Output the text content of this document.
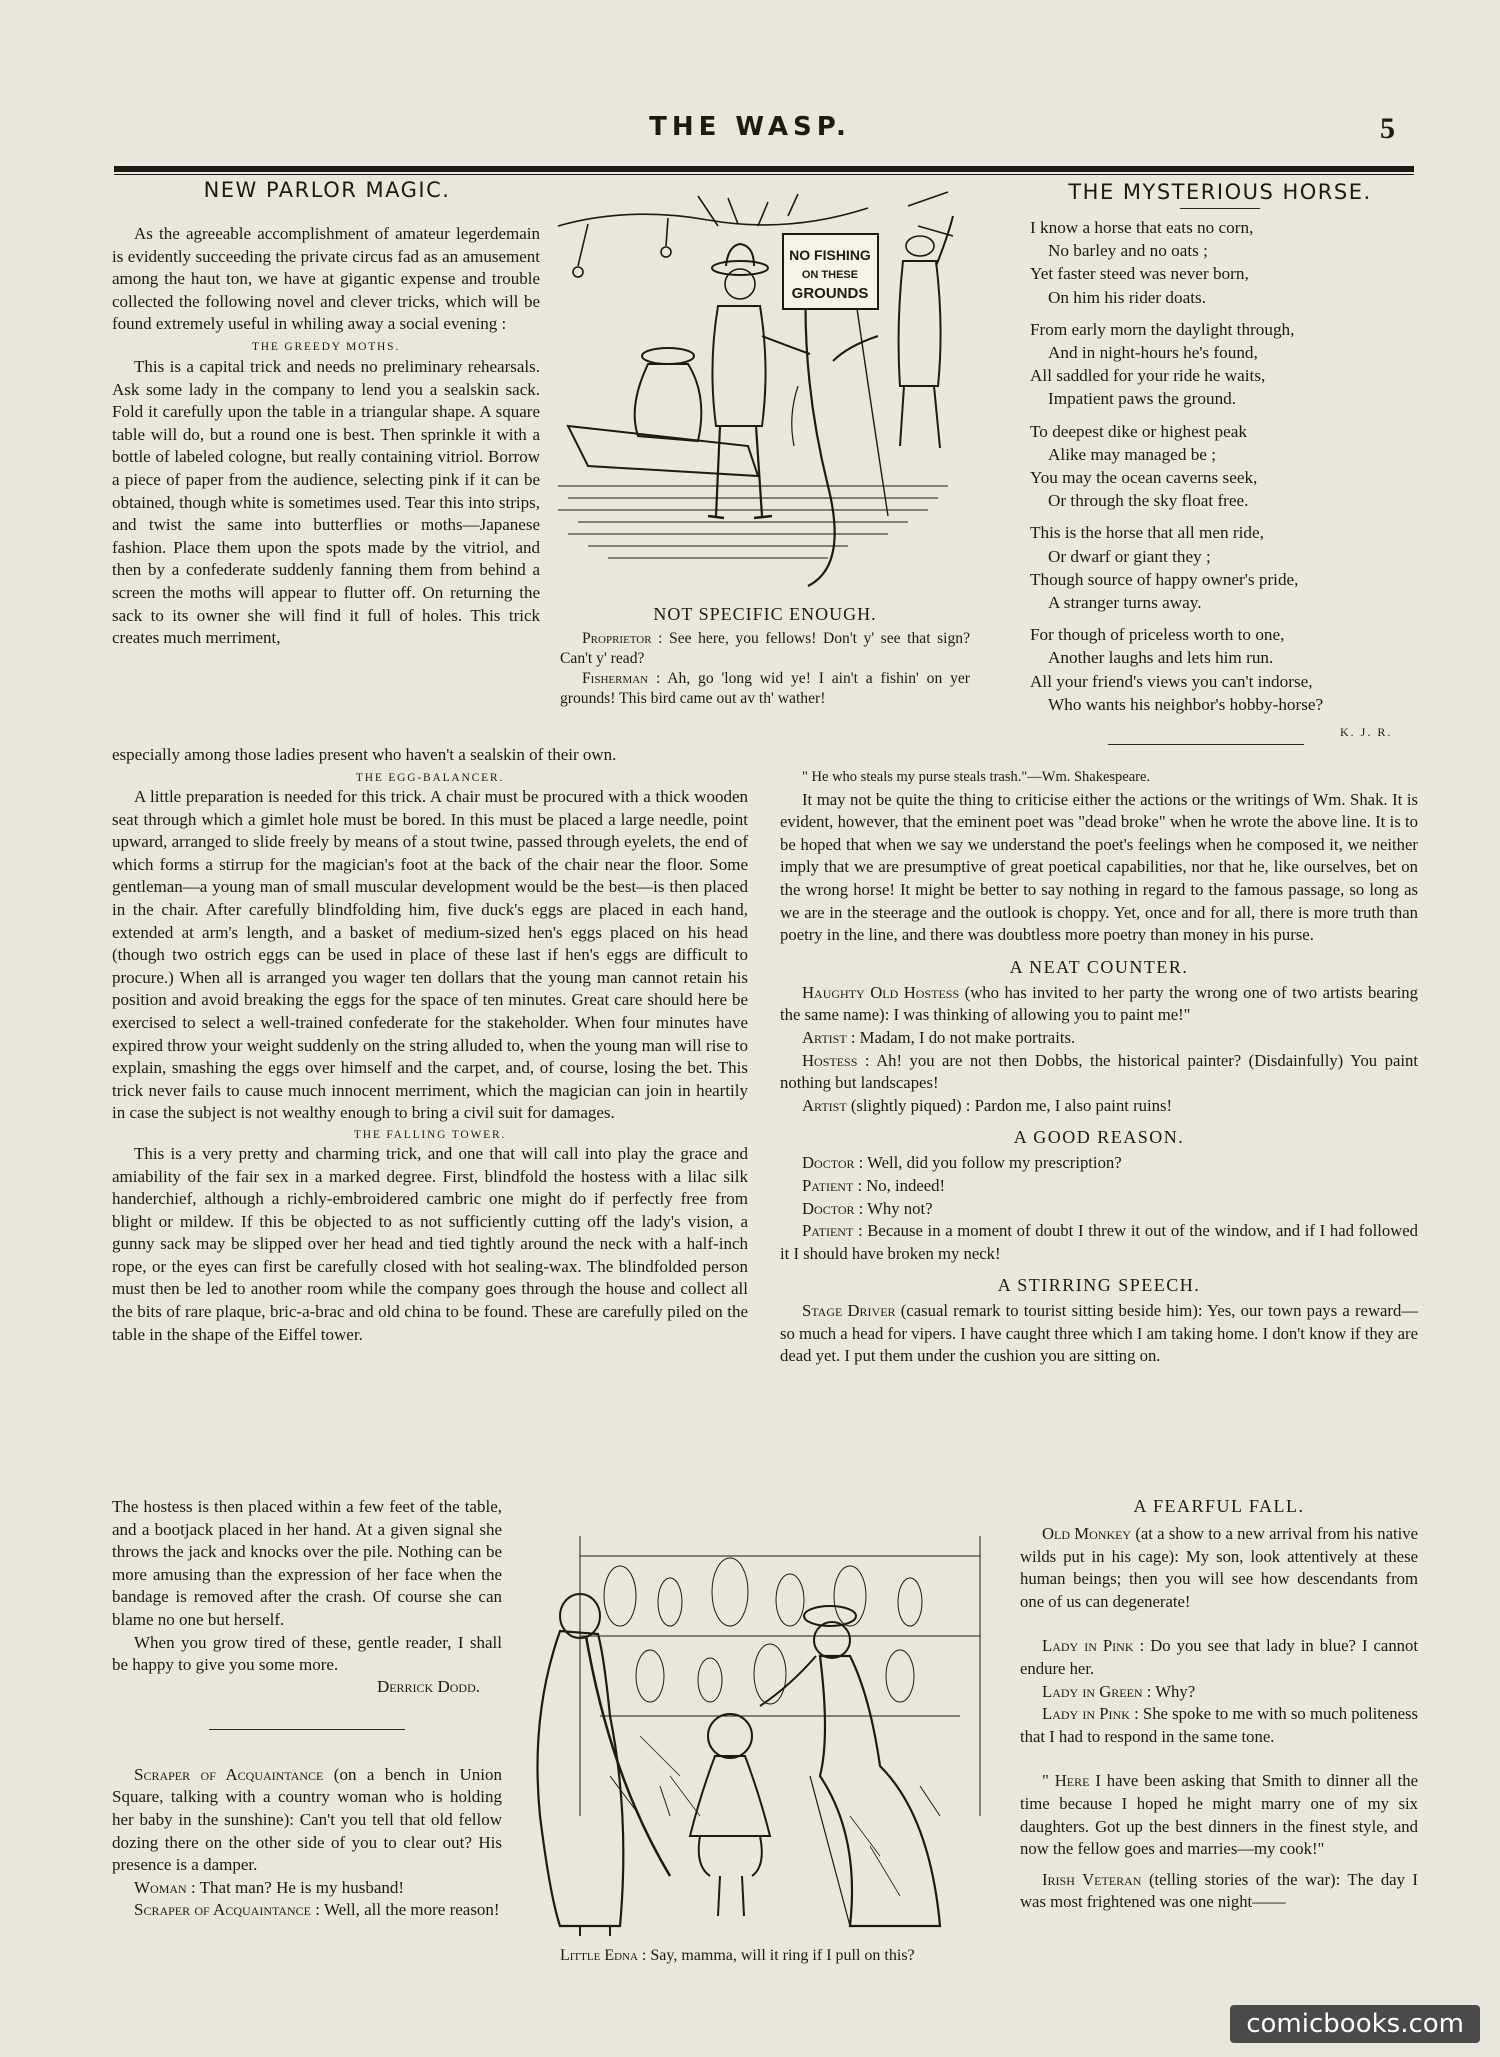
THE WASP.	5
NEW PARLOR MAGIC.

As the agreeable accomplishment of amateur legerdemain is evidently succeeding the private circus fad as an amusement among the haut ton, we have at gigantic expense and trouble collected the following novel and clever tricks, which will be found extremely useful in whiling away a social evening :

THE GREEDY MOTHS.

This is a capital trick and needs no preliminary rehearsals. Ask some lady in the company to lend you a sealskin sack. Fold it carefully upon the table in a triangular shape. A square table will do, but a round one is best. Then sprinkle it with a bottle of labeled cologne, but really containing vitriol. Borrow a piece of paper from the audience, selecting pink if it can be obtained, though white is sometimes used. Tear this into strips, and twist the same into butterflies or moths—Japanese fashion. Place them upon the spots made by the vitriol, and then by a confederate suddenly fanning them from behind a screen the moths will appear to flutter off. On returning the sack to its owner she will find it full of holes. This trick creates much merriment,

NO FISHING
ON THESE
GROUNDS
NOT SPECIFIC ENOUGH.

Proprietor : See here, you fellows! Don't y' see that sign? Can't y' read?

Fisherman : Ah, go 'long wid ye! I ain't a fishin' on yer grounds! This bird came out av th' wather!

especially among those ladies present who haven't a sealskin of their own.
THE MYSTERIOUS HORSE.
I know a horse that eats no corn,
No barley and no oats ;
Yet faster steed was never born,
On him his rider doats.
From early morn the daylight through,
And in night-hours he's found,
All saddled for your ride he waits,
Impatient paws the ground.
To deepest dike or highest peak
Alike may managed be ;
You may the ocean caverns seek,
Or through the sky float free.
This is the horse that all men ride,
Or dwarf or giant they ;
Though source of happy owner's pride,
A stranger turns away.
For though of priceless worth to one,
Another laughs and lets him run.
All your friend's views you can't indorse,
Who wants his neighbor's hobby-horse?
K. J. R.
THE EGG-BALANCER.

A little preparation is needed for this trick. A chair must be procured with a thick wooden seat through which a gimlet hole must be bored. In this must be placed a large needle, point upward, arranged to slide freely by means of a stout twine, passed through eyelets, the end of which forms a stirrup for the magician's foot at the back of the chair near the floor. Some gentleman—a young man of small muscular development would be the best—is then placed in the chair. After carefully blindfolding him, five duck's eggs are placed in each hand, extended at arm's length, and a basket of medium-sized hen's eggs placed on his head (though two ostrich eggs can be used in place of these last if hen's eggs are difficult to procure.) When all is arranged you wager ten dollars that the young man cannot retain his position and avoid breaking the eggs for the space of ten minutes. Great care should here be exercised to select a well-trained confederate for the stakeholder. When four minutes have expired throw your weight suddenly on the string alluded to, when the young man will rise to explain, smashing the eggs over himself and the carpet, and, of course, losing the bet. This trick never fails to cause much innocent merriment, which the magician can join in heartily in case the subject is not wealthy enough to bring a civil suit for damages.

THE FALLING TOWER.

This is a very pretty and charming trick, and one that will call into play the grace and amiability of the fair sex in a marked degree. First, blindfold the hostess with a lilac silk handerchief, although a richly-embroidered cambric one might do if perfectly free from blight or mildew. If this be objected to as not sufficiently cutting off the lady's vision, a gunny sack may be slipped over her head and tied tightly around the neck with a half-inch rope, or the eyes can first be carefully closed with hot sealing-wax. The blindfolded person must then be led to another room while the company goes through the house and collect all the bits of rare plaque, bric-a-brac and old china to be found. These are carefully piled on the table in the shape of the Eiffel tower.

" He who steals my purse steals trash."—Wm. Shakespeare.

It may not be quite the thing to criticise either the actions or the writings of Wm. Shak. It is evident, however, that the eminent poet was "dead broke" when he wrote the above line. It is to be hoped that when we say we understand the poet's feelings when he composed it, we neither imply that we are presumptive of great poetical capabilities, nor that he, like ourselves, bet on the wrong horse! It might be better to say nothing in regard to the famous passage, so long as we are in the steerage and the outlook is choppy. Yet, once and for all, there is more truth than poetry in the line, and there was doubtless more poetry than money in his purse.

A NEAT COUNTER.

Haughty Old Hostess (who has invited to her party the wrong one of two artists bearing the same name): I was thinking of allowing you to paint me!"

Artist : Madam, I do not make portraits.

Hostess : Ah! you are not then Dobbs, the historical painter? (Disdainfully) You paint nothing but landscapes!

Artist (slightly piqued) : Pardon me, I also paint ruins!

A GOOD REASON.

Doctor : Well, did you follow my prescription?

Patient : No, indeed!

Doctor : Why not?

Patient : Because in a moment of doubt I threw it out of the window, and if I had followed it I should have broken my neck!

A STIRRING SPEECH.

Stage Driver (casual remark to tourist sitting beside him): Yes, our town pays a reward—so much a head for vipers. I have caught three which I am taking home. I don't know if they are dead yet. I put them under the cushion you are sitting on.

The hostess is then placed within a few feet of the table, and a bootjack placed in her hand. At a given signal she throws the jack and knocks over the pile. Nothing can be more amusing than the expression of her face when the bandage is removed after the crash. Of course she can blame no one but herself.

When you grow tired of these, gentle reader, I shall be happy to give you some more.

Derrick Dodd.

Scraper of Acquaintance (on a bench in Union Square, talking with a country woman who is holding her baby in the sunshine): Can't you tell that old fellow dozing there on the other side of you to clear out? His presence is a damper.

Woman : That man? He is my husband!

Scraper of Acquaintance : Well, all the more reason!

Little Edna : Say, mamma, will it ring if I pull on this?
A FEARFUL FALL.

Old Monkey (at a show to a new arrival from his native wilds put in his cage): My son, look attentively at these human beings; then you will see how descendants from one of us can degenerate!

Lady in Pink : Do you see that lady in blue? I cannot endure her.

Lady in Green : Why?

Lady in Pink : She spoke to me with so much politeness that I had to respond in the same tone.

" Here I have been asking that Smith to dinner all the time because I hoped he might marry one of my six daughters. Got up the best dinners in the finest style, and now the fellow goes and marries—my cook!"

Irish Veteran (telling stories of the war): The day I was most frightened was one night——

comicbooks.com
